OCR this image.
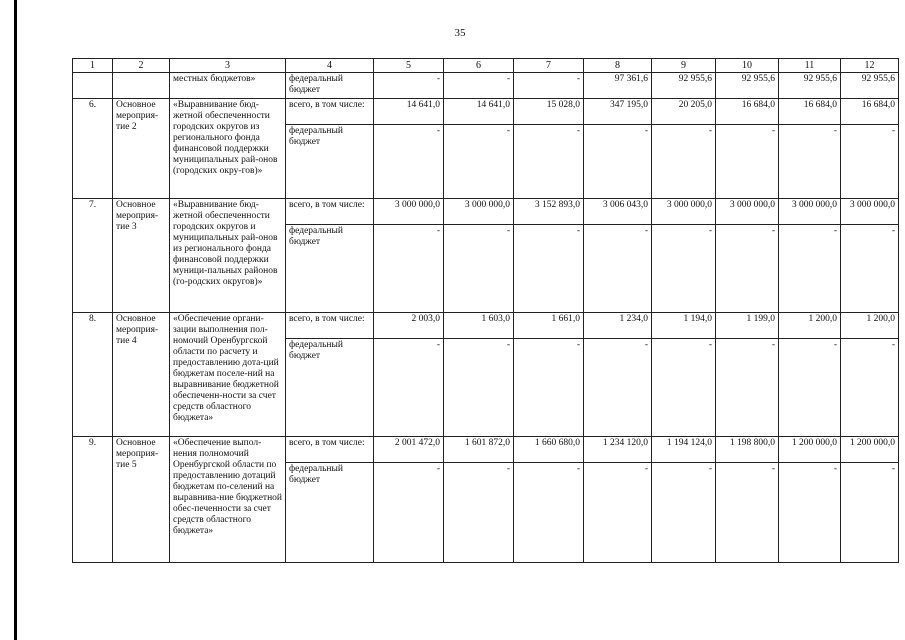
35
1	2	3	4	5	6	7	8	9	10	11	12
		местных бюджетов»	федеральный бюджет	-	-	-	97 361,6	92 955,6	92 955,6	92 955,6	92 955,6
6.	Основное мероприя-тие 2	«Выравнивание бюд-жетной обеспеченности городских округов из регионального фонда финансовой поддержки муниципальных рай-онов (городских окру-гов)»	всего, в том числе:	14 641,0	14 641,0	15 028,0	347 195,0	20 205,0	16 684,0	16 684,0	16 684,0
			федеральный бюджет	-	-	-	-	-	-	-	-
7.	Основное мероприя-тие 3	«Выравнивание бюд-жетной обеспеченности городских округов и муниципальных рай-онов из регионального фонда финансовой поддержки муници-пальных районов (го-родских округов)»	всего, в том числе:	3 000 000,0	3 000 000,0	3 152 893,0	3 006 043,0	3 000 000,0	3 000 000,0	3 000 000,0	3 000 000,0
			федеральный бюджет	-	-	-	-	-	-	-	-
8.	Основное мероприя-тие 4	«Обеспечение органи-зации выполнения пол-номочий Оренбургской области по расчету и предоставлению дота-ций бюджетам поселе-ний на выравнивание бюджетной обеспеченн-ности за счет средств областного бюджета»	всего, в том числе:	2 003,0	1 603,0	1 661,0	1 234,0	1 194,0	1 199,0	1 200,0	1 200,0
			федеральный бюджет	-	-	-	-	-	-	-	-
9.	Основное мероприя-тие 5	«Обеспечение выпол-нения полномочий Оренбургской области по предоставлению дотаций бюджетам по-селений на выравнива-ние бюджетной обес-печенности за счет средств областного бюджета»	всего, в том числе:	2 001 472,0	1 601 872,0	1 660 680,0	1 234 120,0	1 194 124,0	1 198 800,0	1 200 000,0	1 200 000,0
			федеральный бюджет	-	-	-	-	-	-	-	-
